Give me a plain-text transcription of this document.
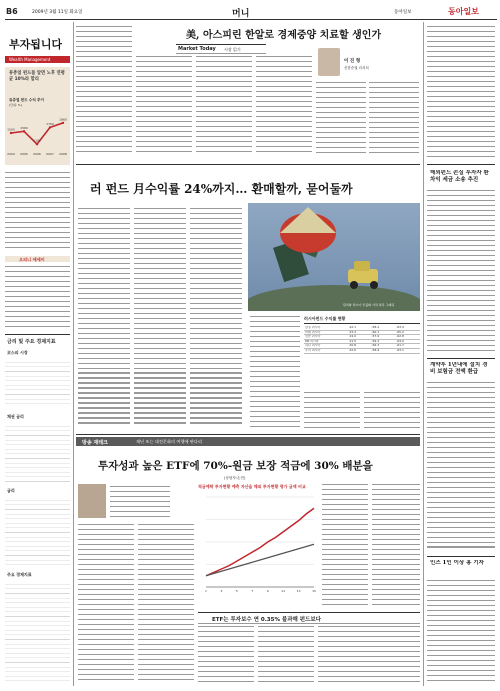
B6	2009년 3월 11일 화요일	머니	동아일보	동아일보
부자됩니다
Wealth Management
뮤츄얼 펀드들 알면 노후 연평균 10%라 합리
뮤츄얼 펀드 수익 추이
(단위: %)
1500
2004
1560
2005
1100
2006
1700
2007
1860
2008
오피니 에세이
금리 및 주요 경제지표
코스피 시장
채권 금리
금리
주요 경제지표
美, 아스피린 한알로 경제중양 치료할 생인가
Market Today 시장 읽기
이 진 형
신한증권 리서치
러 펀드 月수익률 24%까지… 환매할까, 묻어둘까
달러와 러시아 루블화 가치 하락 그래픽
러시아펀드 수익률 현황
삼성 러시아	22.1	-58.2	-63.4
미래 러시아	23.4	-60.1	-65.2
신한 러시아	24.0	-57.9	-62.8
KB 러시아	21.5	-59.4	-64.0
하나 러시아	20.8	-56.3	-61.7
우리 러시아	22.6	-58.9	-63.1
해외펀드 손실 투자자 환차익 세금 소송 추진
계약후 1년내에 설치 경비 보험금 전액 환급
인즈 1인 이상 홍 기자
방송 재테크	제년 또는 대전문화의 여행에 판다리
투자성과 높은 ETF에 70%-원금 보장 적금에 30% 배분을
(상담자:손민)
적금예탁 투자현황 예측 자산을 해외 투자현황 평가 금액 비교
1	3	5	7	9	11	13	15
ETF는 투자보수 연 0.35% 불과해 펀드보다
